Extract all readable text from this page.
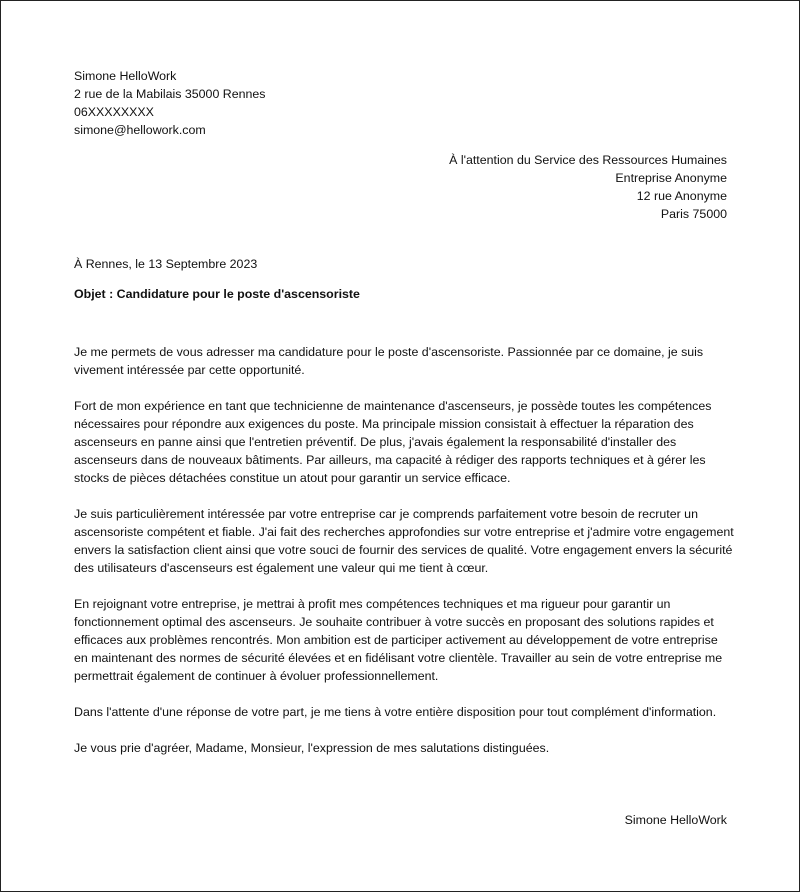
Simone HelloWork
2 rue de la Mabilais 35000 Rennes
06XXXXXXXX
simone@hellowork.com
À l'attention du Service des Ressources Humaines
Entreprise Anonyme
12 rue Anonyme
Paris 75000
À Rennes, le 13 Septembre 2023
Objet : Candidature pour le poste d'ascensoriste

Je me permets de vous adresser ma candidature pour le poste d'ascensoriste. Passionnée par ce domaine, je suis vivement intéressée par cette opportunité.

Fort de mon expérience en tant que technicienne de maintenance d'ascenseurs, je possède toutes les compétences nécessaires pour répondre aux exigences du poste. Ma principale mission consistait à effectuer la réparation des ascenseurs en panne ainsi que l'entretien préventif. De plus, j'avais également la responsabilité d'installer des ascenseurs dans de nouveaux bâtiments. Par ailleurs, ma capacité à rédiger des rapports techniques et à gérer les stocks de pièces détachées constitue un atout pour garantir un service efficace.

Je suis particulièrement intéressée par votre entreprise car je comprends parfaitement votre besoin de recruter un ascensoriste compétent et fiable. J'ai fait des recherches approfondies sur votre entreprise et j'admire votre engagement envers la satisfaction client ainsi que votre souci de fournir des services de qualité. Votre engagement envers la sécurité des utilisateurs d'ascenseurs est également une valeur qui me tient à cœur.

En rejoignant votre entreprise, je mettrai à profit mes compétences techniques et ma rigueur pour garantir un fonctionnement optimal des ascenseurs. Je souhaite contribuer à votre succès en proposant des solutions rapides et efficaces aux problèmes rencontrés. Mon ambition est de participer activement au développement de votre entreprise en maintenant des normes de sécurité élevées et en fidélisant votre clientèle. Travailler au sein de votre entreprise me permettrait également de continuer à évoluer professionnellement.

Dans l'attente d'une réponse de votre part, je me tiens à votre entière disposition pour tout complément d'information.

Je vous prie d'agréer, Madame, Monsieur, l'expression de mes salutations distinguées.

Simone HelloWork
